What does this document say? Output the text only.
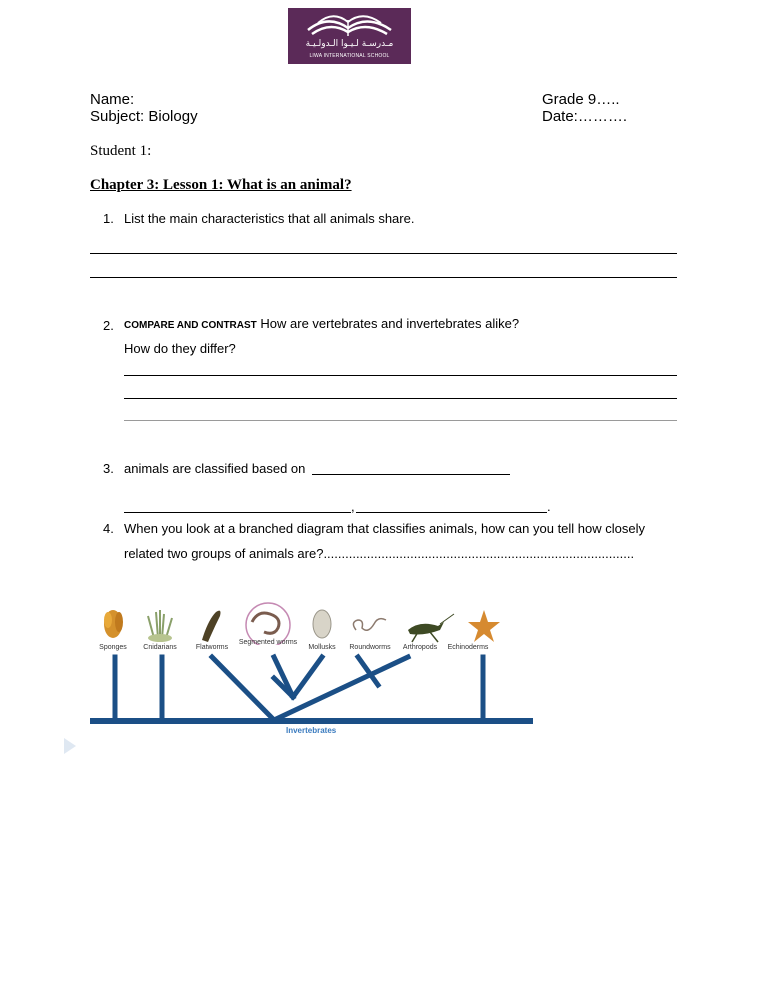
مـدرسـة لـيـوا الـدولـيـة
LIWA INTERNATIONAL SCHOOL
Name:
Subject: Biology
Grade 9…..
Date:……….
Student 1:
Chapter 3: Lesson 1: What is an animal?
1. List the main characteristics that all animals share.
2. COMPARE AND CONTRAST How are vertebrates and invertebrates alike?
How do they differ?
3. animals are classified based on
,	.
4. When you look at a branched diagram that classifies animals, how can you tell how closely
related two groups of animals are?......................................................................................
Sponges	Cnidarians	Flatworms
Segmented worms
Mollusks	Roundworms	Arthropods	Echinoderms
Invertebrates
